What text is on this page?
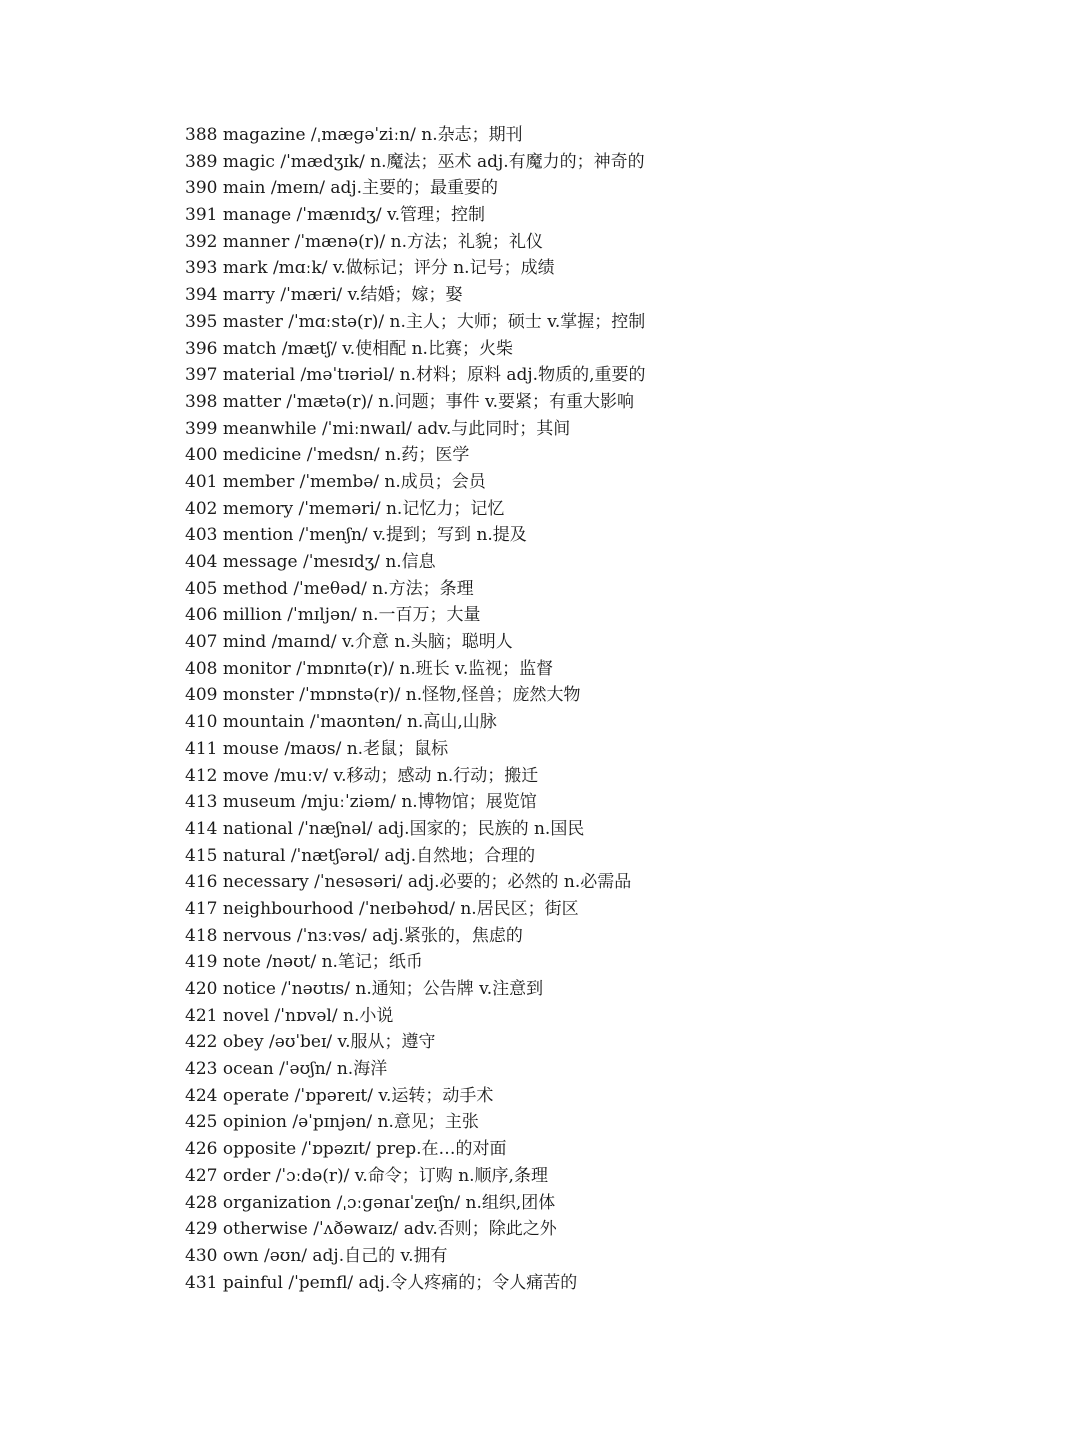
388 magazine /ˌmæɡəˈziːn/ n.杂志；期刊
389 magic /ˈmædʒɪk/ n.魔法；巫术 adj.有魔力的；神奇的
390 main /meɪn/ adj.主要的；最重要的
391 manage /ˈmænɪdʒ/ v.管理；控制
392 manner /ˈmænə(r)/ n.方法；礼貌；礼仪
393 mark /mɑːk/ v.做标记；评分 n.记号；成绩
394 marry /ˈmæri/ v.结婚；嫁；娶
395 master /ˈmɑːstə(r)/ n.主人；大师；硕士 v.掌握；控制
396 match /mætʃ/ v.使相配 n.比赛；火柴
397 material /məˈtɪəriəl/ n.材料；原料 adj.物质的,重要的
398 matter /ˈmætə(r)/ n.问题；事件 v.要紧；有重大影响
399 meanwhile /ˈmiːnwaɪl/ adv.与此同时；其间
400 medicine /ˈmedsn/ n.药；医学
401 member /ˈmembə/ n.成员；会员
402 memory /ˈmeməri/ n.记忆力；记忆
403 mention /ˈmenʃn/ v.提到；写到 n.提及
404 message /ˈmesɪdʒ/ n.信息
405 method /ˈmeθəd/ n.方法；条理
406 million /ˈmɪljən/ n.一百万；大量
407 mind /maɪnd/ v.介意 n.头脑；聪明人
408 monitor /ˈmɒnɪtə(r)/ n.班长 v.监视；监督
409 monster /ˈmɒnstə(r)/ n.怪物,怪兽；庞然大物
410 mountain /ˈmaʊntən/ n.高山,山脉
411 mouse /maʊs/ n.老鼠；鼠标
412 move /muːv/ v.移动；感动 n.行动；搬迁
413 museum /mjuːˈziəm/ n.博物馆；展览馆
414 national /ˈnæʃnəl/ adj.国家的；民族的 n.国民
415 natural /ˈnætʃərəl/ adj.自然地；合理的
416 necessary /ˈnesəsəri/ adj.必要的；必然的 n.必需品
417 neighbourhood /ˈneɪbəhʊd/ n.居民区；街区
418 nervous /ˈnɜːvəs/ adj.紧张的，焦虑的
419 note /nəʊt/ n.笔记；纸币
420 notice /ˈnəʊtɪs/ n.通知；公告牌 v.注意到
421 novel /ˈnɒvəl/ n.小说
422 obey /əʊˈbeɪ/ v.服从；遵守
423 ocean /ˈəʊʃn/ n.海洋
424 operate /ˈɒpəreɪt/ v.运转；动手术
425 opinion /əˈpɪnjən/ n.意见；主张
426 opposite /ˈɒpəzɪt/ prep.在…的对面
427 order /ˈɔːdə(r)/ v.命令；订购 n.顺序,条理
428 organization /ˌɔːɡənaɪˈzeɪʃn/ n.组织,团体
429 otherwise /ˈʌðəwaɪz/ adv.否则；除此之外
430 own /əʊn/ adj.自己的 v.拥有
431 painful /ˈpeɪnfl/ adj.令人疼痛的；令人痛苦的
